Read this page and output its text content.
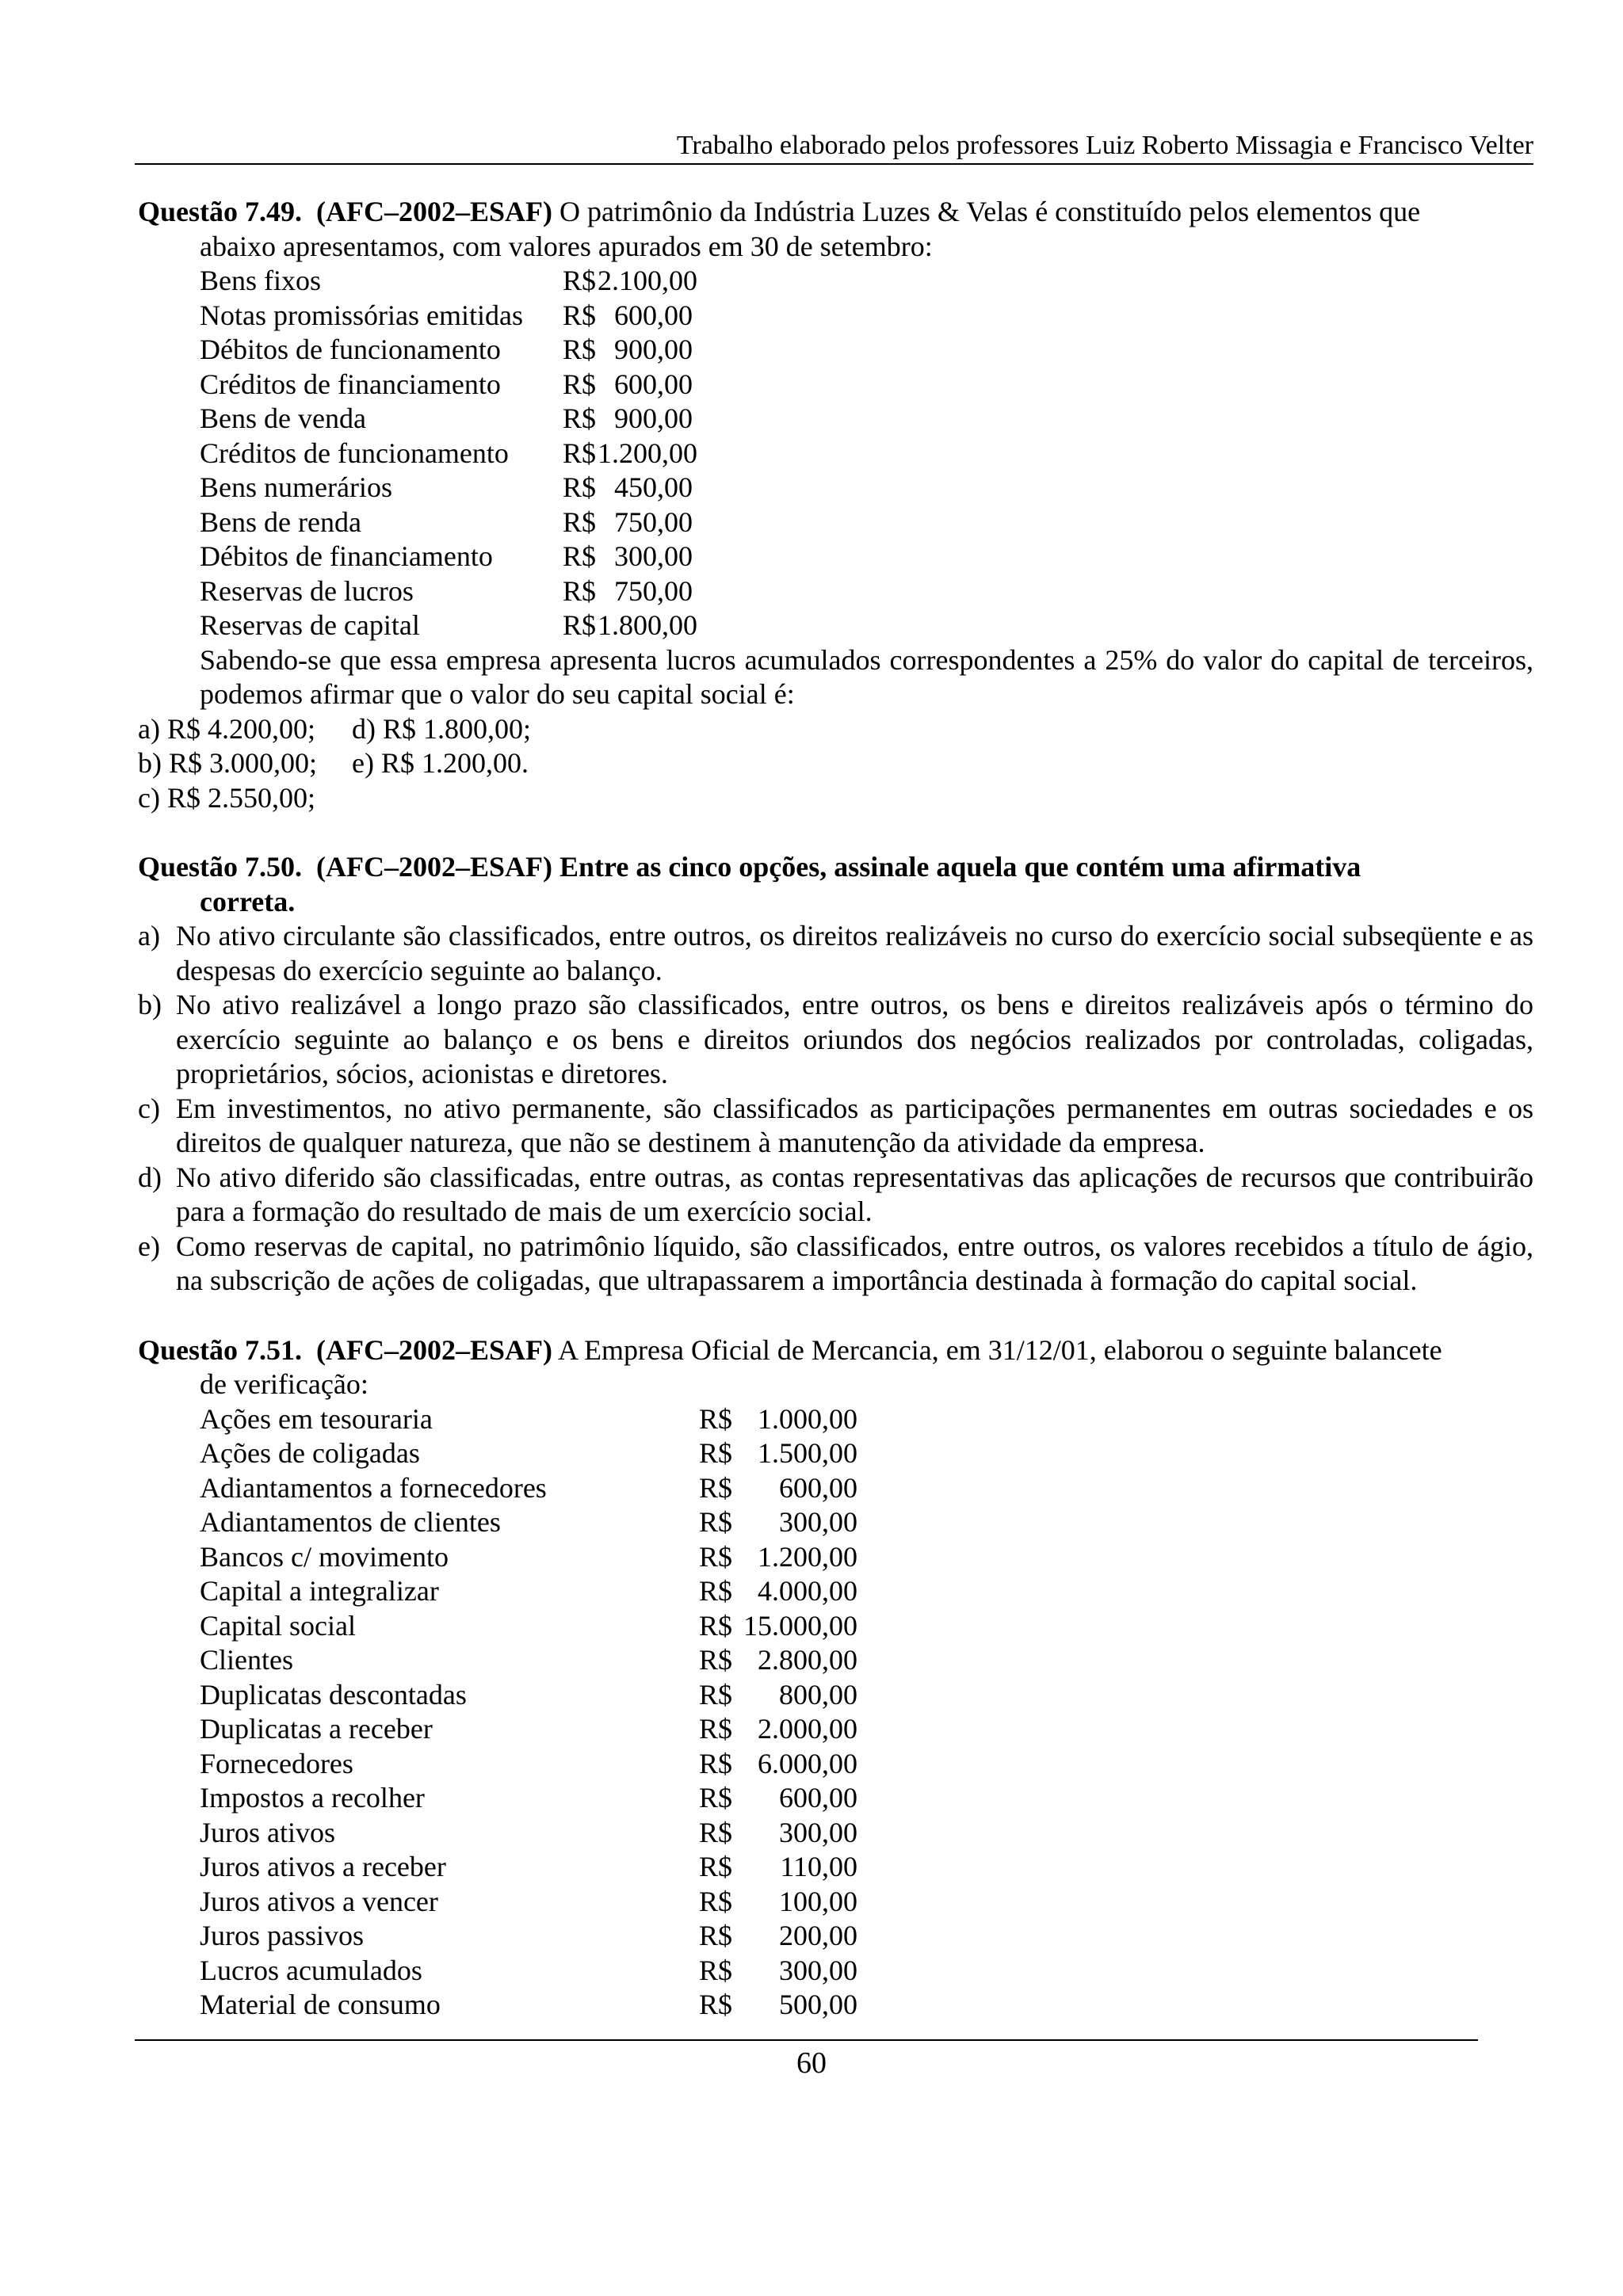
Trabalho elaborado pelos professores Luiz Roberto Missagia e Francisco Velter

Questão 7.49. (AFC–2002–ESAF) O patrimônio da Indústria Luzes & Velas é constituído pelos elementos que

abaixo apresentamos, com valores apurados em 30 de setembro:
Bens fixos	R$ 2.100,00
Notas promissórias emitidas	R$ 600,00
Débitos de funcionamento	R$ 900,00
Créditos de financiamento	R$ 600,00
Bens de venda	R$ 900,00
Créditos de funcionamento	R$ 1.200,00
Bens numerários	R$ 450,00
Bens de renda	R$ 750,00
Débitos de financiamento	R$ 300,00
Reservas de lucros	R$ 750,00
Reservas de capital	R$ 1.800,00
Sabendo-se que essa empresa apresenta lucros acumulados correspondentes a 25% do valor do capital de terceiros, podemos afirmar que o valor do seu capital social é:
a) R$ 4.200,00;	d) R$ 1.800,00;
b) R$ 3.000,00;	e) R$ 1.200,00.
c) R$ 2.550,00;

Questão 7.50. (AFC–2002–ESAF) Entre as cinco opções, assinale aquela que contém uma afirmativa

correta.
a) No ativo circulante são classificados, entre outros, os direitos realizáveis no curso do exercício social subseqüente e as despesas do exercício seguinte ao balanço.
b) No ativo realizável a longo prazo são classificados, entre outros, os bens e direitos realizáveis após o término do exercício seguinte ao balanço e os bens e direitos oriundos dos negócios realizados por controladas, coligadas, proprietários, sócios, acionistas e diretores.
c) Em investimentos, no ativo permanente, são classificados as participações permanentes em outras sociedades e os direitos de qualquer natureza, que não se destinem à manutenção da atividade da empresa.
d) No ativo diferido são classificadas, entre outras, as contas representativas das aplicações de recursos que contribuirão para a formação do resultado de mais de um exercício social.
e) Como reservas de capital, no patrimônio líquido, são classificados, entre outros, os valores recebidos a título de ágio, na subscrição de ações de coligadas, que ultrapassarem a importância destinada à formação do capital social.

Questão 7.51. (AFC–2002–ESAF) A Empresa Oficial de Mercancia, em 31/12/01, elaborou o seguinte balancete

de verificação:
Ações em tesouraria	R$ 1.000,00
Ações de coligadas	R$ 1.500,00
Adiantamentos a fornecedores	R$	600,00
Adiantamentos de clientes	R$	300,00
Bancos c/ movimento	R$ 1.200,00
Capital a integralizar	R$ 4.000,00
Capital social	R$ 15.000,00
Clientes	R$ 2.800,00
Duplicatas descontadas	R$	800,00
Duplicatas a receber	R$ 2.000,00
Fornecedores	R$ 6.000,00
Impostos a recolher	R$	600,00
Juros ativos	R$	300,00
Juros ativos a receber	R$	110,00
Juros ativos a vencer	R$	100,00
Juros passivos	R$	200,00
Lucros acumulados	R$	300,00
Material de consumo	R$	500,00
60
